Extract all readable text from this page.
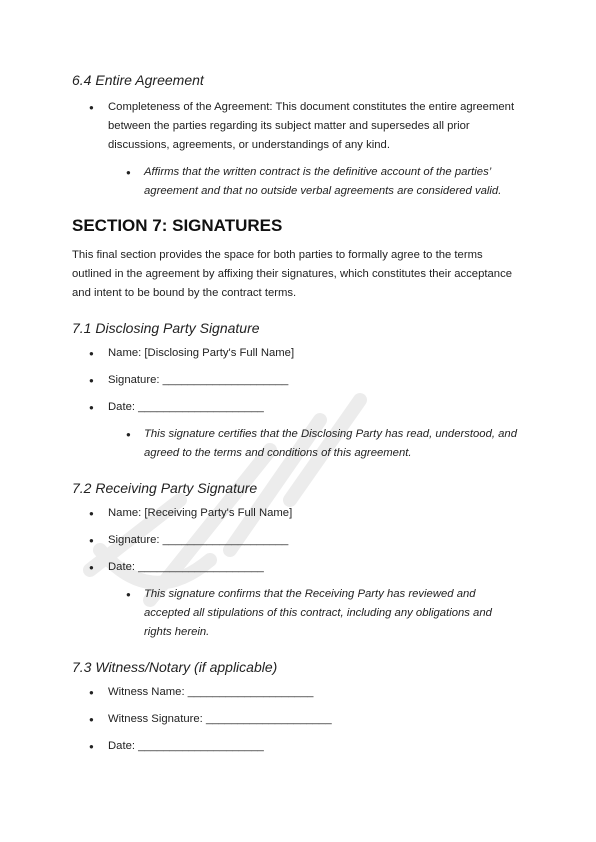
6.4 Entire Agreement
● Completeness of the Agreement: This document constitutes the entire agreement between the parties regarding its subject matter and supersedes all prior discussions, agreements, or understandings of any kind.
● Affirms that the written contract is the definitive account of the parties’ agreement and that no outside verbal agreements are considered valid.
SECTION 7: SIGNATURES

This final section provides the space for both parties to formally agree to the terms outlined in the agreement by affixing their signatures, which constitutes their acceptance and intent to be bound by the contract terms.

7.1 Disclosing Party Signature
● Name: [Disclosing Party's Full Name]
● Signature: ____________________
● Date: ____________________
● This signature certifies that the Disclosing Party has read, understood, and agreed to the terms and conditions of this agreement.
7.2 Receiving Party Signature
● Name: [Receiving Party's Full Name]
● Signature: ____________________
● Date: ____________________
● This signature confirms that the Receiving Party has reviewed and accepted all stipulations of this contract, including any obligations and rights herein.
7.3 Witness/Notary (if applicable)
● Witness Name: ____________________
● Witness Signature: ____________________
● Date: ____________________
